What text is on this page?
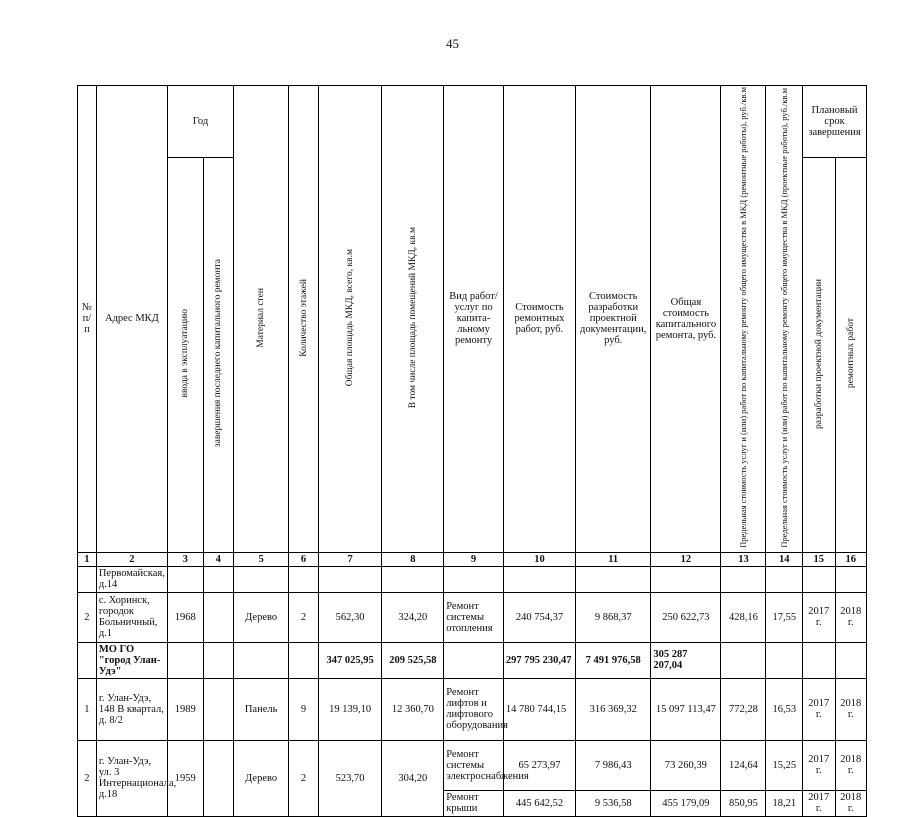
45
№ п/п	Адрес МКД	Год		Материал стен	Количество этажей	Общая площадь МКД, всего, кв.м	В том числе площадь помещений МКД, кв.м	Вид работ/ услуг по капита-льному ремонту	Стоимость ремонтных работ, руб.	Стоимость разработки проектной документации, руб.	Общая стоимость капитального ремонта, руб.	Предельная стоимость услуг и (или) работ по капитальному ремонту общего имущества в МКД (ремонтные работы), руб./кв.м	Предельная стоимость услуг и (или) работ по капитальному ремонту общего имущества в МКД (проектные работы), руб./кв.м	Плановый срок завершения	
		ввода в эксплуатацию	завершения последнего капитального ремонта											разработки проектной документации	ремонтных работ
1	2	3	4	5	6	7	8	9	10	11	12	13	14	15	16
	Первомайская, д.14														
2	с. Хоринск, городок Больничный, д.1	1968		Дерево	2	562,30	324,20	Ремонт системы отопления	240 754,37	9 868,37	250 622,73	428,16	17,55	2017 г.	2018 г.
	МО ГО "город Улан-Удэ"					347 025,95	209 525,58		297 795 230,47	7 491 976,58	305 287 207,04				
1	г. Улан-Удэ, 148 В квартал, д. 8/2	1989		Панель	9	19 139,10	12 360,70	Ремонт лифтов и лифтового оборудования	14 780 744,15	316 369,32	15 097 113,47	772,28	16,53	2017 г.	2018 г.
2	г. Улан-Удэ, ул. 3 Интернационала, д.18	1959		Дерево	2	523,70	304,20	Ремонт системы электроснабжения	65 273,97	7 986,43	73 260,39	124,64	15,25	2017 г.	2018 г.
								Ремонт крыши	445 642,52	9 536,58	455 179,09	850,95	18,21	2017 г.	2018 г.
